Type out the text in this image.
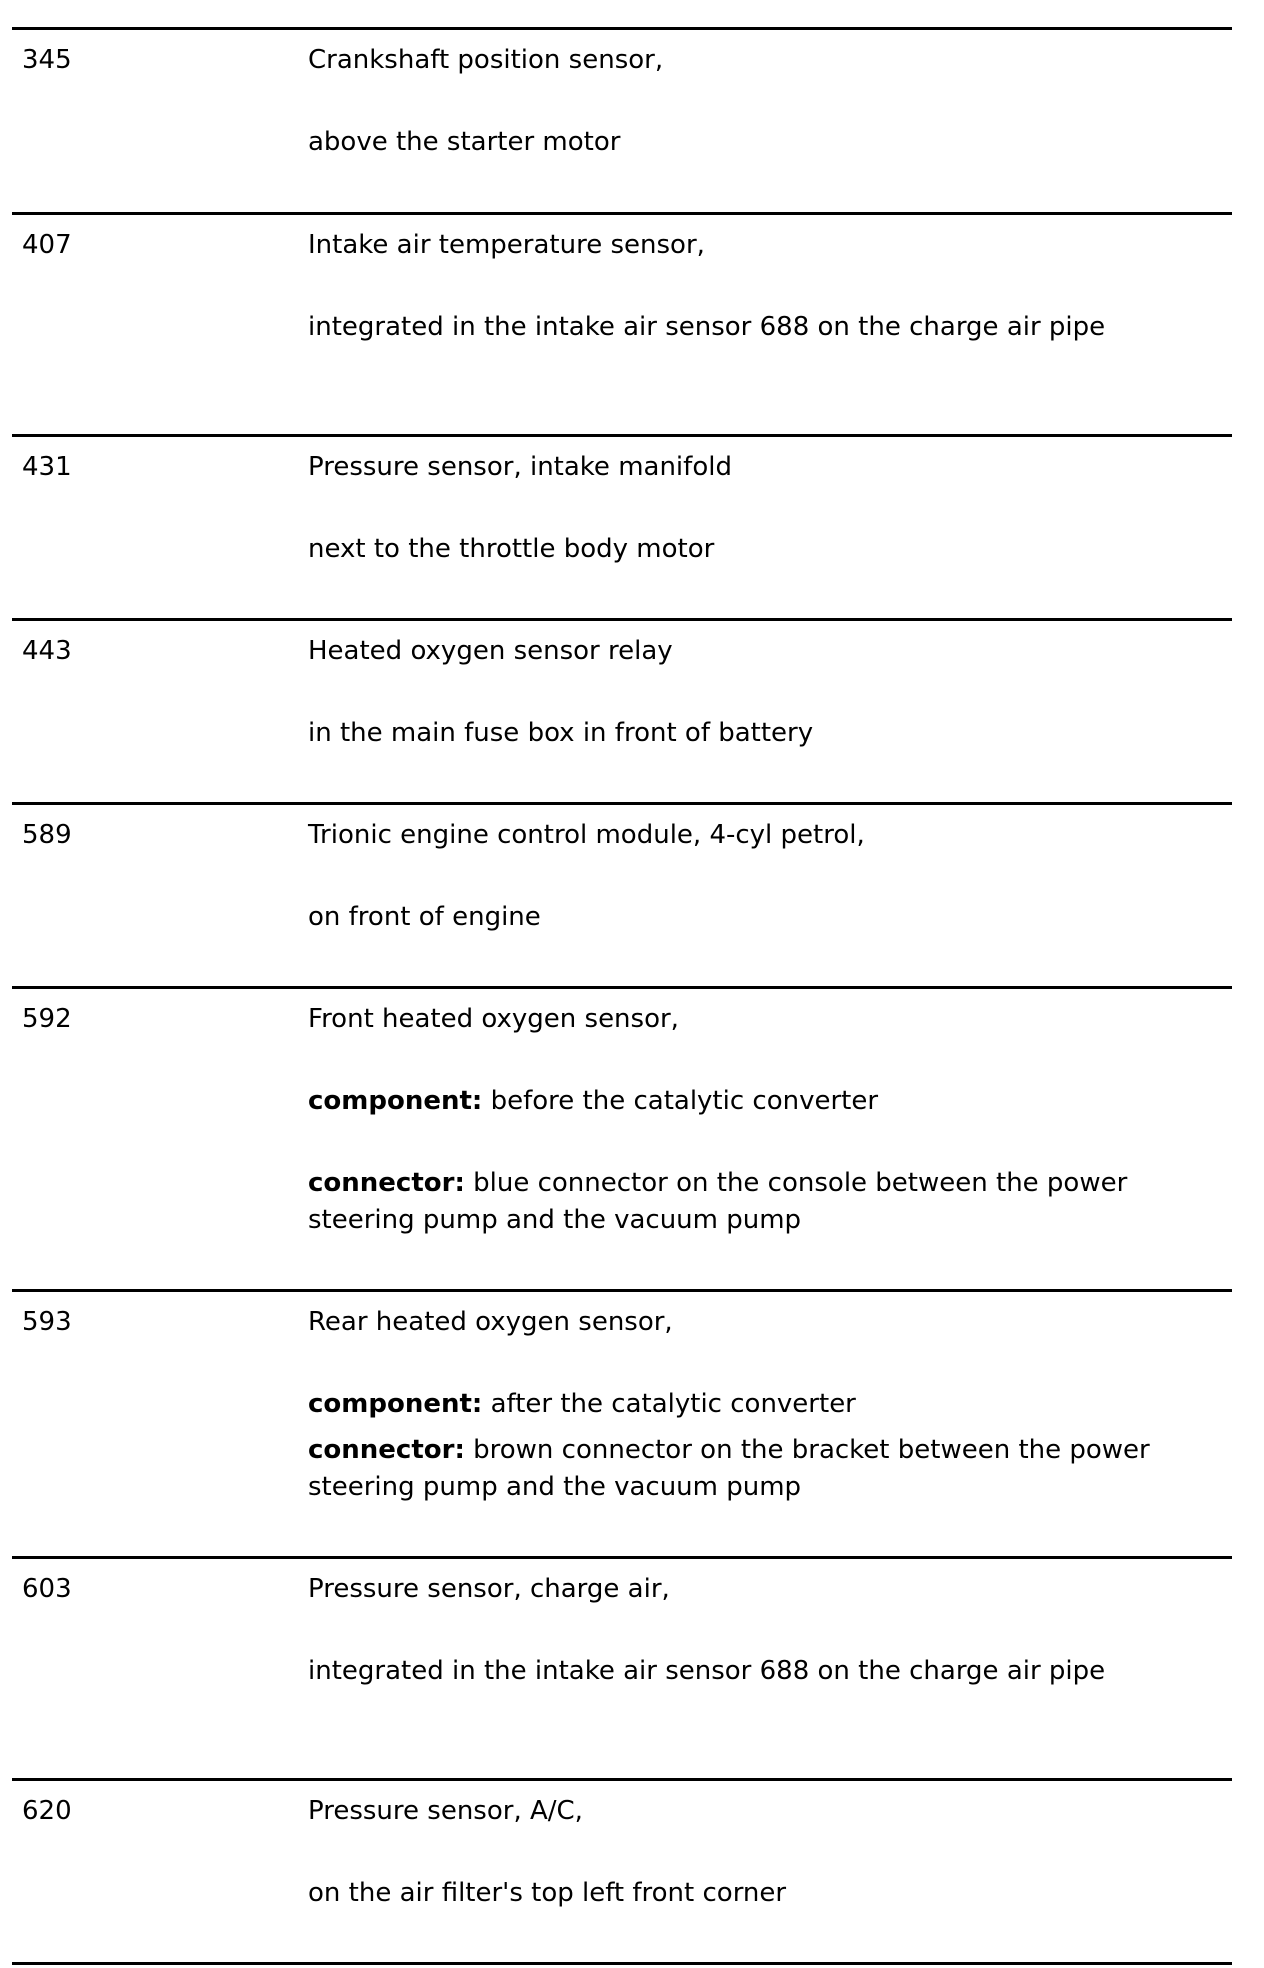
345	Crankshaft position sensor,
above the starter motor
407	Intake air temperature sensor,
integrated in the intake air sensor 688 on the charge air pipe
431	Pressure sensor, intake manifold
next to the throttle body motor
443	Heated oxygen sensor relay
in the main fuse box in front of battery
589	Trionic engine control module, 4-cyl petrol,
on front of engine
592	Front heated oxygen sensor,
component: before the catalytic converter
connector: blue connector on the console between the power steering pump and the vacuum pump
593	Rear heated oxygen sensor,
component: after the catalytic converter
connector: brown connector on the bracket between the power steering pump and the vacuum pump
603	Pressure sensor, charge air,
integrated in the intake air sensor 688 on the charge air pipe
620	Pressure sensor, A/C,
on the air filter's top left front corner
